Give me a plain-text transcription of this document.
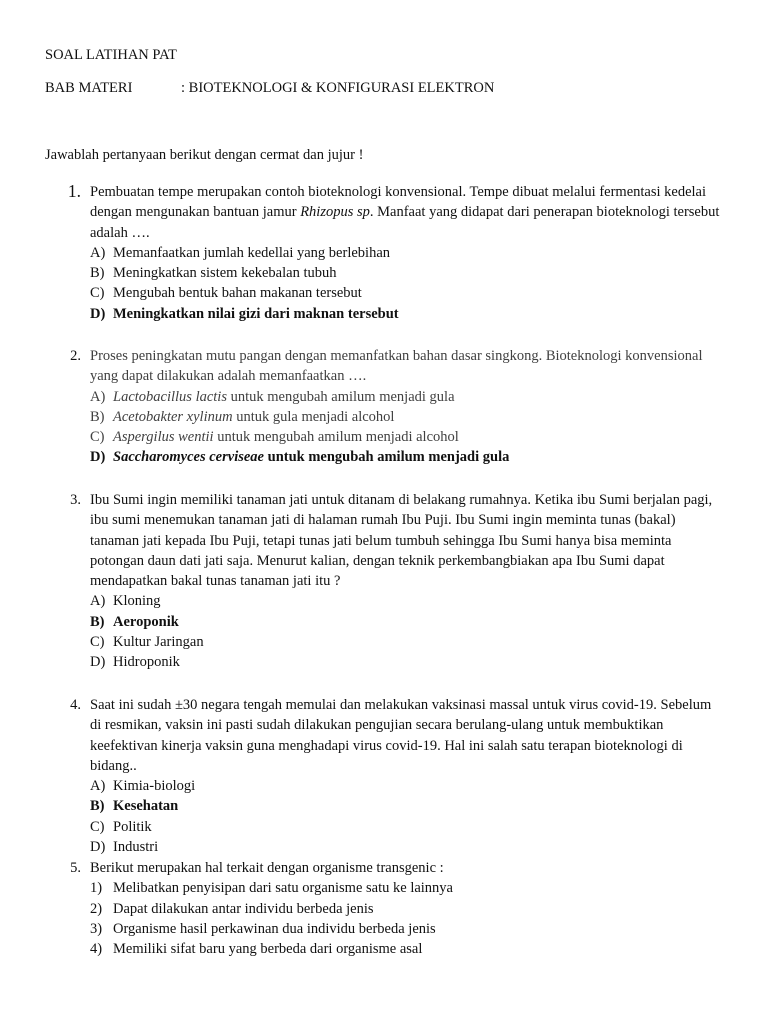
SOAL LATIHAN PAT
BAB MATERI	: BIOTEKNOLOGI & KONFIGURASI ELEKTRON
Jawablah pertanyaan berikut dengan cermat dan jujur !
1. Pembuatan tempe merupakan contoh bioteknologi konvensional. Tempe dibuat melalui fermentasi kedelai dengan mengunakan bantuan jamur Rhizopus sp. Manfaat yang didapat dari penerapan bioteknologi tersebut adalah ….
A) Memanfaatkan jumlah kedellai yang berlebihan
B) Meningkatkan sistem kekebalan tubuh
C) Mengubah bentuk bahan makanan tersebut
D) Meningkatkan nilai gizi dari maknan tersebut
2. Proses peningkatan mutu pangan dengan memanfatkan bahan dasar singkong. Bioteknologi konvensional yang dapat dilakukan adalah memanfaatkan ….
A) Lactobacillus lactis untuk mengubah amilum menjadi gula
B) Acetobakter xylinum untuk gula menjadi alcohol
C) Aspergilus wentii untuk mengubah amilum menjadi alcohol
D) Saccharomyces cerviseae untuk mengubah amilum menjadi gula
3. Ibu Sumi ingin memiliki tanaman jati untuk ditanam di belakang rumahnya. Ketika ibu Sumi berjalan pagi, ibu sumi menemukan tanaman jati di halaman rumah Ibu Puji. Ibu Sumi ingin meminta tunas (bakal) tanaman jati kepada Ibu Puji, tetapi tunas jati belum tumbuh sehingga Ibu Sumi hanya bisa meminta potongan daun dati jati saja. Menurut kalian, dengan teknik perkembangbiakan apa Ibu Sumi dapat mendapatkan bakal tunas tanaman jati itu ?
A) Kloning
B) Aeroponik
C) Kultur Jaringan
D) Hidroponik
4. Saat ini sudah ±30 negara tengah memulai dan melakukan vaksinasi massal untuk virus covid-19. Sebelum di resmikan, vaksin ini pasti sudah dilakukan pengujian secara berulang-ulang untuk membuktikan keefektivan kinerja vaksin guna menghadapi virus covid-19. Hal ini salah satu terapan bioteknologi di bidang..
A) Kimia-biologi
B) Kesehatan
C) Politik
D) Industri
5. Berikut merupakan hal terkait dengan organisme transgenic :
1) Melibatkan penyisipan dari satu organisme satu ke lainnya
2) Dapat dilakukan antar individu berbeda jenis
3) Organisme hasil perkawinan dua individu berbeda jenis
4) Memiliki sifat baru yang berbeda dari organisme asal
